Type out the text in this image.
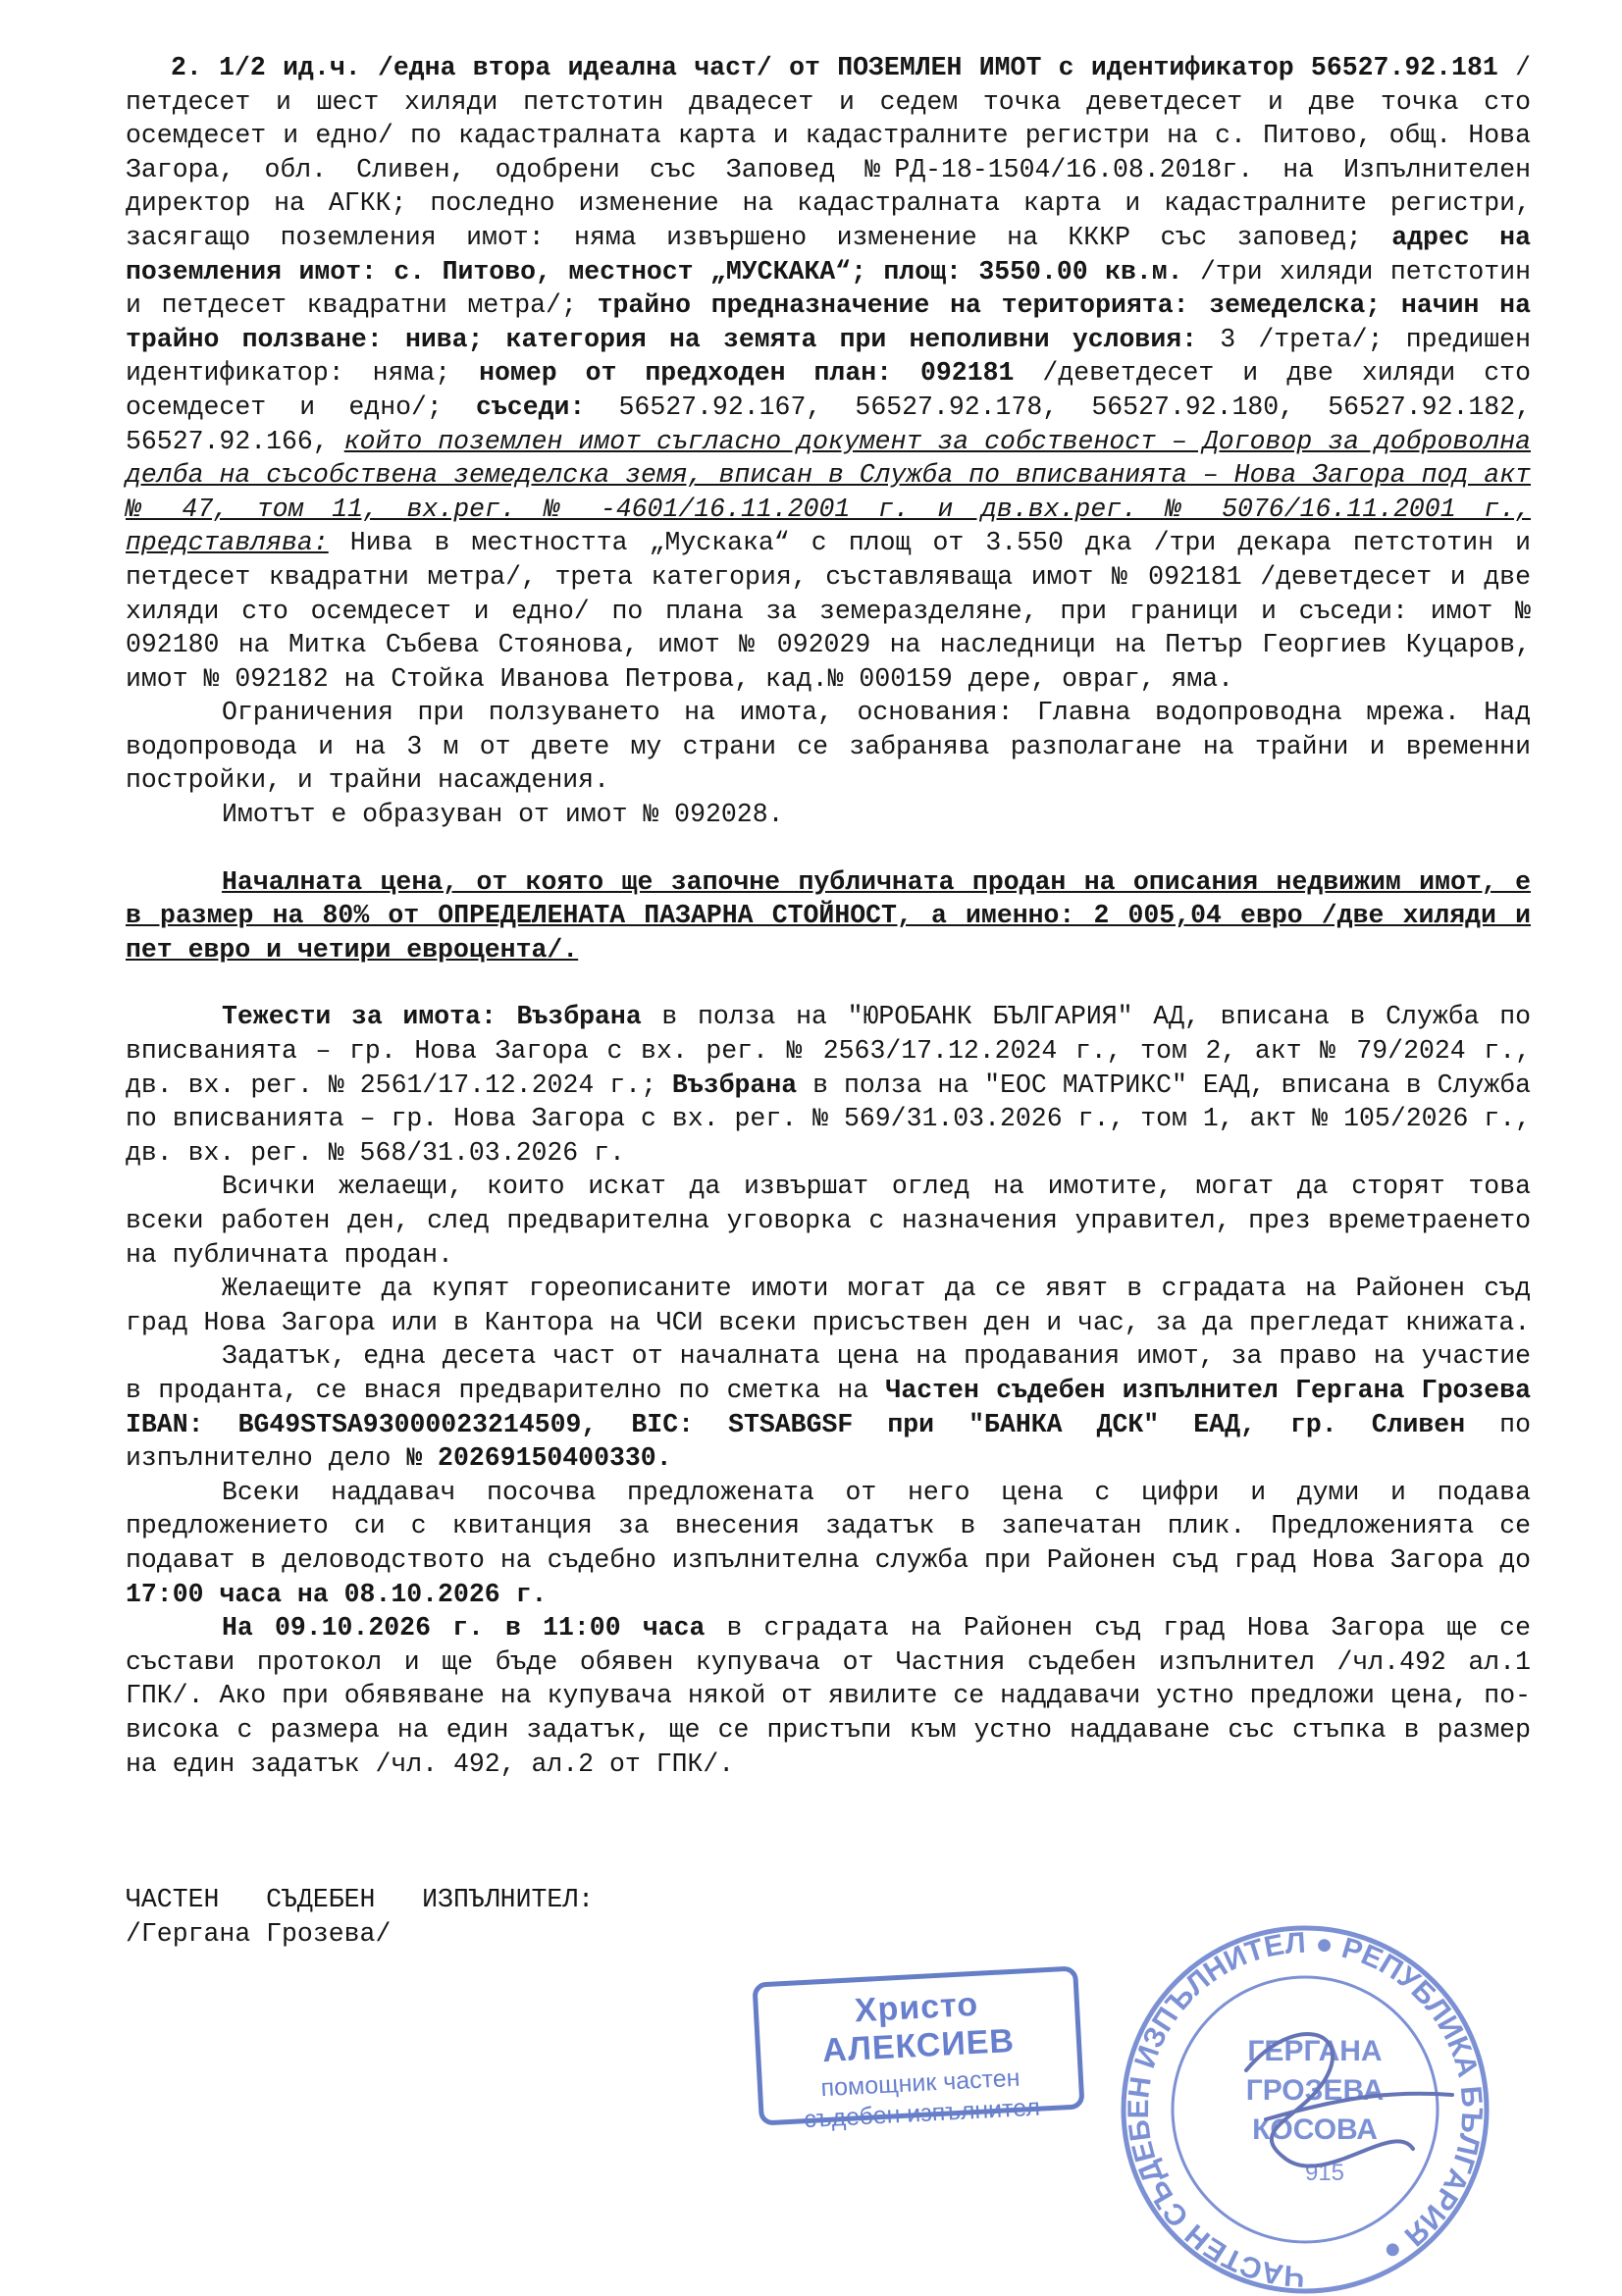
2. 1/2 ид.ч. /една втора идеална част/ от ПОЗЕМЛЕН ИМОТ с идентификатор 56527.92.181 /петдесет и шест хиляди петстотин двадесет и седем точка деветдесет и две точка сто осемдесет и едно/ по кадастралната карта и кадастралните регистри на с. Питово, общ. Нова Загора, обл. Сливен, одобрени със Заповед №РД-18-1504/16.08.2018г. на Изпълнителен директор на АГКК; последно изменение на кадастралната карта и кадастралните регистри, засягащо поземления имот: няма извършено изменение на КККР със заповед; адрес на поземления имот: с. Питово, местност „МУСКАКА“; площ: 3550.00 кв.м. /три хиляди петстотин и петдесет квадратни метра/; трайно предназначение на територията: земеделска; начин на трайно ползване: нива; категория на земята при неполивни условия: 3 /трета/; предишен идентификатор: няма; номер от предходен план: 092181 /деветдесет и две хиляди сто осемдесет и едно/; съседи: 56527.92.167, 56527.92.178, 56527.92.180, 56527.92.182, 56527.92.166, който поземлен имот съгласно документ за собственост – Договор за доброволна делба на съсобствена земеделска земя, вписан в Служба по вписванията – Нова Загора под акт № 47, том 11, вх.рег. № -4601/16.11.2001 г. и дв.вх.рег. № 5076/16.11.2001 г., представлява: Нива в местността „Мускака“ с площ от 3.550 дка /три декара петстотин и петдесет квадратни метра/, трета категория, съставляваща имот № 092181 /деветдесет и две хиляди сто осемдесет и едно/ по плана за земеразделяне, при граници и съседи: имот № 092180 на Митка Събева Стоянова, имот № 092029 на наследници на Петър Георгиев Куцаров, имот № 092182 на Стойка Иванова Петрова, кад.№ 000159 дере, овраг, яма.

Ограничения при ползуването на имота, основания: Главна водопроводна мрежа. Над водопровода и на 3 м от двете му страни се забранява разполагане на трайни и временни постройки, и трайни насаждения.

Имотът е образуван от имот № 092028.

Началната цена, от която ще започне публичната продан на описания недвижим имот, е в размер на 80% от ОПРЕДЕЛЕНАТА ПАЗАРНА СТОЙНОСТ, а именно: 2 005,04 евро /две хиляди и пет евро и четири евроцента/.

Тежести за имота: Възбрана в полза на "ЮРОБАНК БЪЛГАРИЯ" АД, вписана в Служба по вписванията – гр. Нова Загора с вх. рег. № 2563/17.12.2024 г., том 2, акт № 79/2024 г., дв. вх. рег. № 2561/17.12.2024 г.; Възбрана в полза на "ЕОС МАТРИКС" ЕАД, вписана в Служба по вписванията – гр. Нова Загора с вх. рег. № 569/31.03.2026 г., том 1, акт № 105/2026 г., дв. вх. рег. № 568/31.03.2026 г.

Всички желаещи, които искат да извършат оглед на имотите, могат да сторят това всеки работен ден, след предварителна уговорка с назначения управител, през времетраенето на публичната продан.

Желаещите да купят гореописаните имоти могат да се явят в сградата на Районен съд град Нова Загора или в Кантора на ЧСИ всеки присъствен ден и час, за да прегледат книжата.

Задатък, една десета част от началната цена на продавания имот, за право на участие в проданта, се внася предварително по сметка на Частен съдебен изпълнител Гергана Грозева IBAN: BG49STSA93000023214509, BIC: STSABGSF при "БАНКА ДСК" ЕАД, гр. Сливен по изпълнително дело № 20269150400330.

Всеки наддавач посочва предложената от него цена с цифри и думи и подава предложението си с квитанция за внесения задатък в запечатан плик. Предложенията се подават в деловодството на съдебно изпълнителна служба при Районен съд град Нова Загора до 17:00 часа на 08.10.2026 г.

На 09.10.2026 г. в 11:00 часа в сградата на Районен съд град Нова Загора ще се състави протокол и ще бъде обявен купувача от Частния съдебен изпълнител /чл.492 ал.1 ГПК/. Ако при обявяване на купувача някой от явилите се наддавачи устно предложи цена, по-висока с размера на един задатък, ще се пристъпи към устно наддаване със стъпка в размер на един задатък /чл. 492, ал.2 от ГПК/.

ЧАСТЕН   СЪДЕБЕН   ИЗПЪЛНИТЕЛ:

/Гергана Грозева/

Христо АЛЕКСИЕВ
помощник частен
съдебен изпълнител
ЧАСТЕН СЪДЕБЕН ИЗПЪЛНИТЕЛ ● РЕПУБЛИКА БЪЛГАРИЯ ●
ГЕРГАНА
ГРОЗЕВА
КОСОВА
915
